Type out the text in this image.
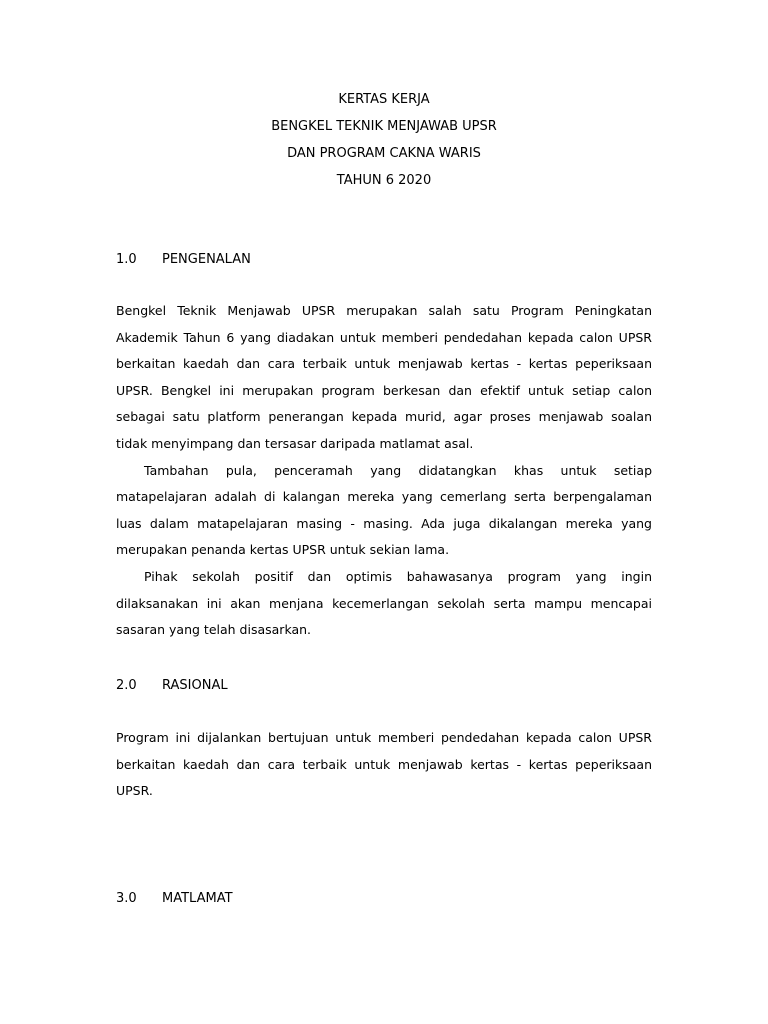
KERTAS KERJA
BENGKEL TEKNIK MENJAWAB UPSR
DAN PROGRAM CAKNA WARIS
TAHUN 6 2020
1.0 PENGENALAN

Bengkel Teknik Menjawab UPSR merupakan salah satu Program Peningkatan Akademik Tahun 6 yang diadakan untuk memberi pendedahan kepada calon UPSR berkaitan kaedah dan cara terbaik untuk menjawab kertas - kertas peperiksaan UPSR. Bengkel ini merupakan program berkesan dan efektif untuk setiap calon sebagai satu platform penerangan kepada murid, agar proses menjawab soalan tidak menyimpang dan tersasar daripada matlamat asal.

Tambahan pula, penceramah yang didatangkan khas untuk setiap matapelajaran adalah di kalangan mereka yang cemerlang serta berpengalaman luas dalam matapelajaran masing - masing. Ada juga dikalangan mereka yang merupakan penanda kertas UPSR untuk sekian lama.

Pihak sekolah positif dan optimis bahawasanya program yang ingin dilaksanakan ini akan menjana kecemerlangan sekolah serta mampu mencapai sasaran yang telah disasarkan.

2.0 RASIONAL

Program ini dijalankan bertujuan untuk memberi pendedahan kepada calon UPSR berkaitan kaedah dan cara terbaik untuk menjawab kertas - kertas peperiksaan UPSR.

3.0 MATLAMAT
